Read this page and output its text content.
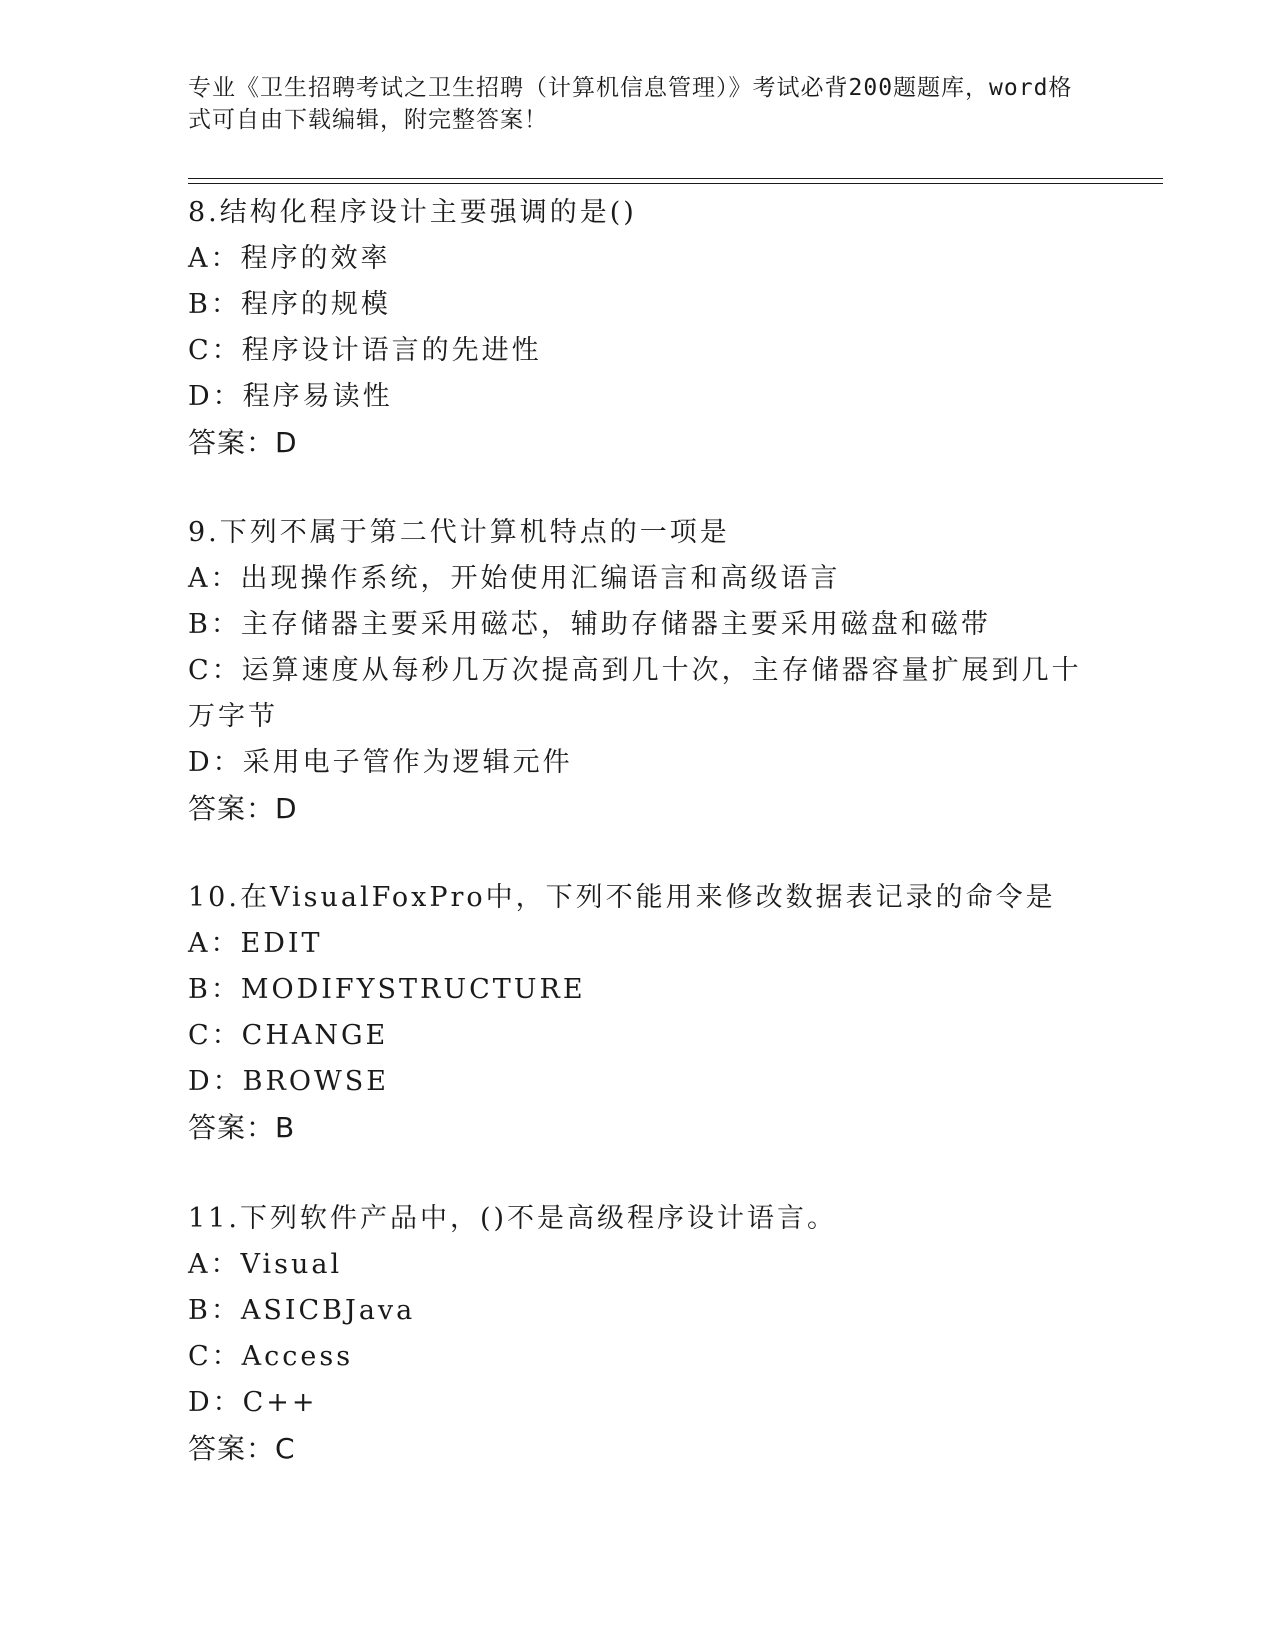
专业《卫生招聘考试之卫生招聘（计算机信息管理）》考试必背200题题库，word格式可自由下载编辑，附完整答案！
8.结构化程序设计主要强调的是()
A：程序的效率
B：程序的规模
C：程序设计语言的先进性
D：程序易读性
答案：D
9.下列不属于第二代计算机特点的一项是
A：出现操作系统，开始使用汇编语言和高级语言
B：主存储器主要采用磁芯，辅助存储器主要采用磁盘和磁带
C：运算速度从每秒几万次提高到几十次，主存储器容量扩展到几十万字节
D：采用电子管作为逻辑元件
答案：D
10.在VisualFoxPro中，下列不能用来修改数据表记录的命令是
A：EDIT
B：MODIFYSTRUCTURE
C：CHANGE
D：BROWSE
答案：B
11.下列软件产品中，()不是高级程序设计语言。
A：Visual
B：ASICBJava
C：Access
D：C++
答案：C
